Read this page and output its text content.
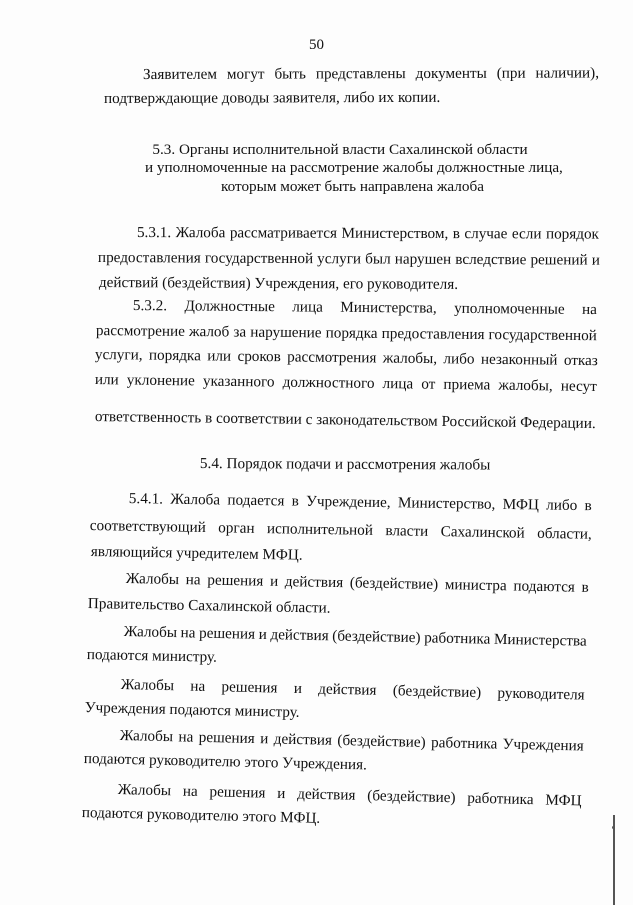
50
Заявителем могут быть представлены документы (при наличии),
подтверждающие доводы заявителя, либо их копии.
5.3. Органы исполнительной власти Сахалинской области
и уполномоченные на рассмотрение жалобы должностные лица,
которым может быть направлена жалоба
5.3.1. Жалоба рассматривается Министерством, в случае если порядок
предоставления государственной услуги был нарушен вследствие решений и
действий (бездействия) Учреждения, его руководителя.
5.3.2. Должностные лица Министерства, уполномоченные на
рассмотрение жалоб за нарушение порядка предоставления государственной
услуги, порядка или сроков рассмотрения жалобы, либо незаконный отказ
или уклонение указанного должностного лица от приема жалобы, несут
ответственность в соответствии с законодательством Российской Федерации.
5.4. Порядок подачи и рассмотрения жалобы
5.4.1. Жалоба подается в Учреждение, Министерство, МФЦ либо в
соответствующий орган исполнительной власти Сахалинской области,
являющийся учредителем МФЦ.
Жалобы на решения и действия (бездействие) министра подаются в
Правительство Сахалинской области.
Жалобы на решения и действия (бездействие) работника Министерства
подаются министру.
Жалобы на решения и действия (бездействие) руководителя
Учреждения подаются министру.
Жалобы на решения и действия (бездействие) работника Учреждения
подаются руководителю этого Учреждения.
Жалобы на решения и действия (бездействие) работника МФЦ
подаются руководителю этого МФЦ.
